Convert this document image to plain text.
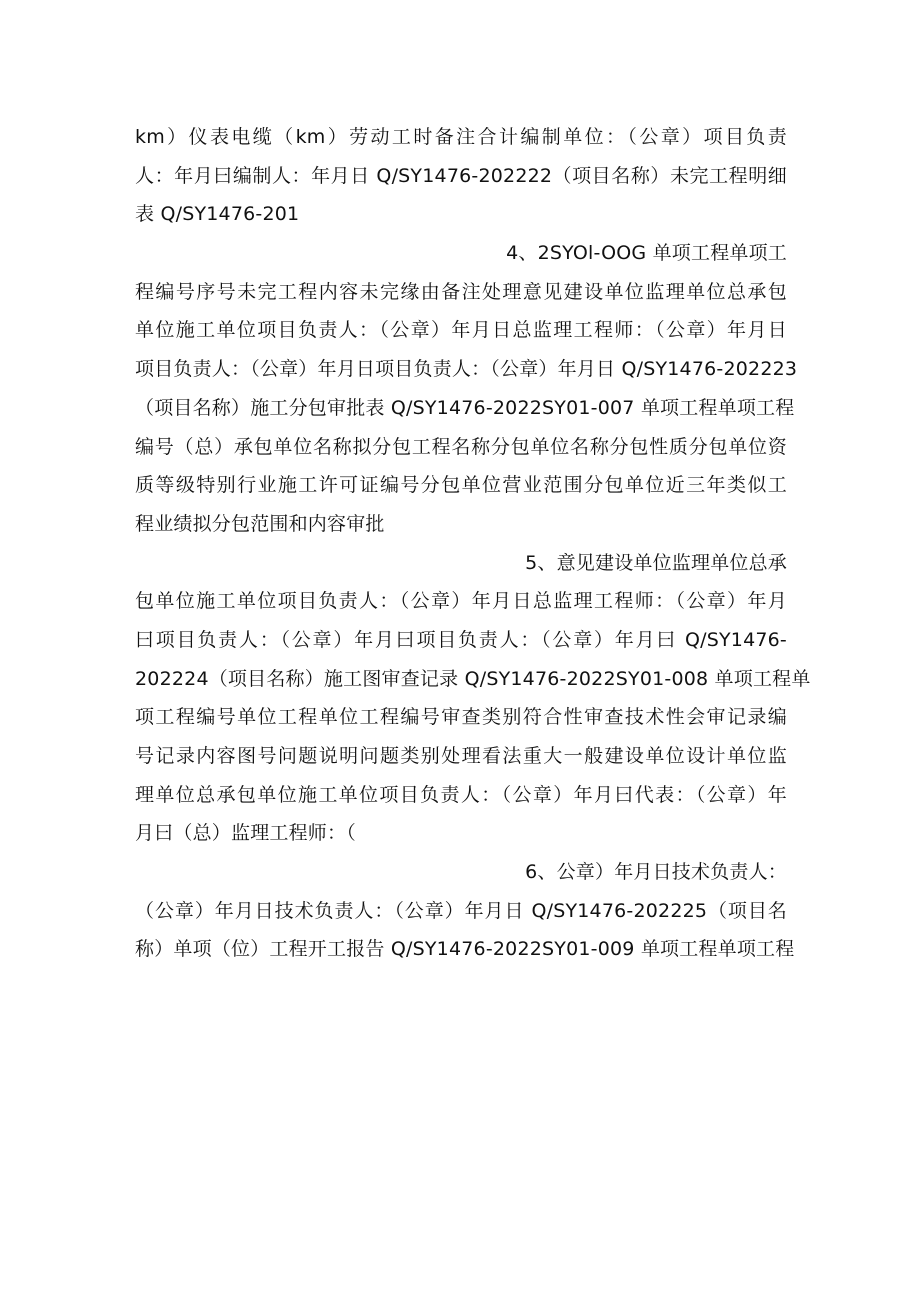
km）仪表电缆（km）劳动工时备注合计编制单位：（公章）项目负责
人：年月曰编制人：年月日 Q/SY1476-202222（项目名称）未完工程明细
表 Q/SY1476-201
4、2SYOl-OOG 单项工程单项工
程编号序号未完工程内容未完缘由备注处理意见建设单位监理单位总承包
单位施工单位项目负责人：（公章）年月日总监理工程师：（公章）年月日
项目负责人：（公章）年月日项目负责人：（公章）年月日 Q/SY1476-202223
（项目名称）施工分包审批表 Q/SY1476-2022SY01-007 单项工程单项工程
编号（总）承包单位名称拟分包工程名称分包单位名称分包性质分包单位资
质等级特别行业施工许可证编号分包单位营业范围分包单位近三年类似工
程业绩拟分包范围和内容审批
5、意见建设单位监理单位总承
包单位施工单位项目负责人：（公章）年月日总监理工程师：（公章）年月
曰项目负责人：（公章）年月曰项目负责人：（公章）年月曰 Q/SY1476-
202224（项目名称）施工图审查记录 Q/SY1476-2022SY01-008 单项工程单
项工程编号单位工程单位工程编号审查类别符合性审查技术性会审记录编
号记录内容图号问题说明问题类别处理看法重大一般建设单位设计单位监
理单位总承包单位施工单位项目负责人：（公章）年月曰代表：（公章）年
月曰（总）监理工程师：（
6、公章）年月日技术负责人：
（公章）年月日技术负责人：（公章）年月日 Q/SY1476-202225（项目名
称）单项（位）工程开工报告 Q/SY1476-2022SY01-009 单项工程单项工程
